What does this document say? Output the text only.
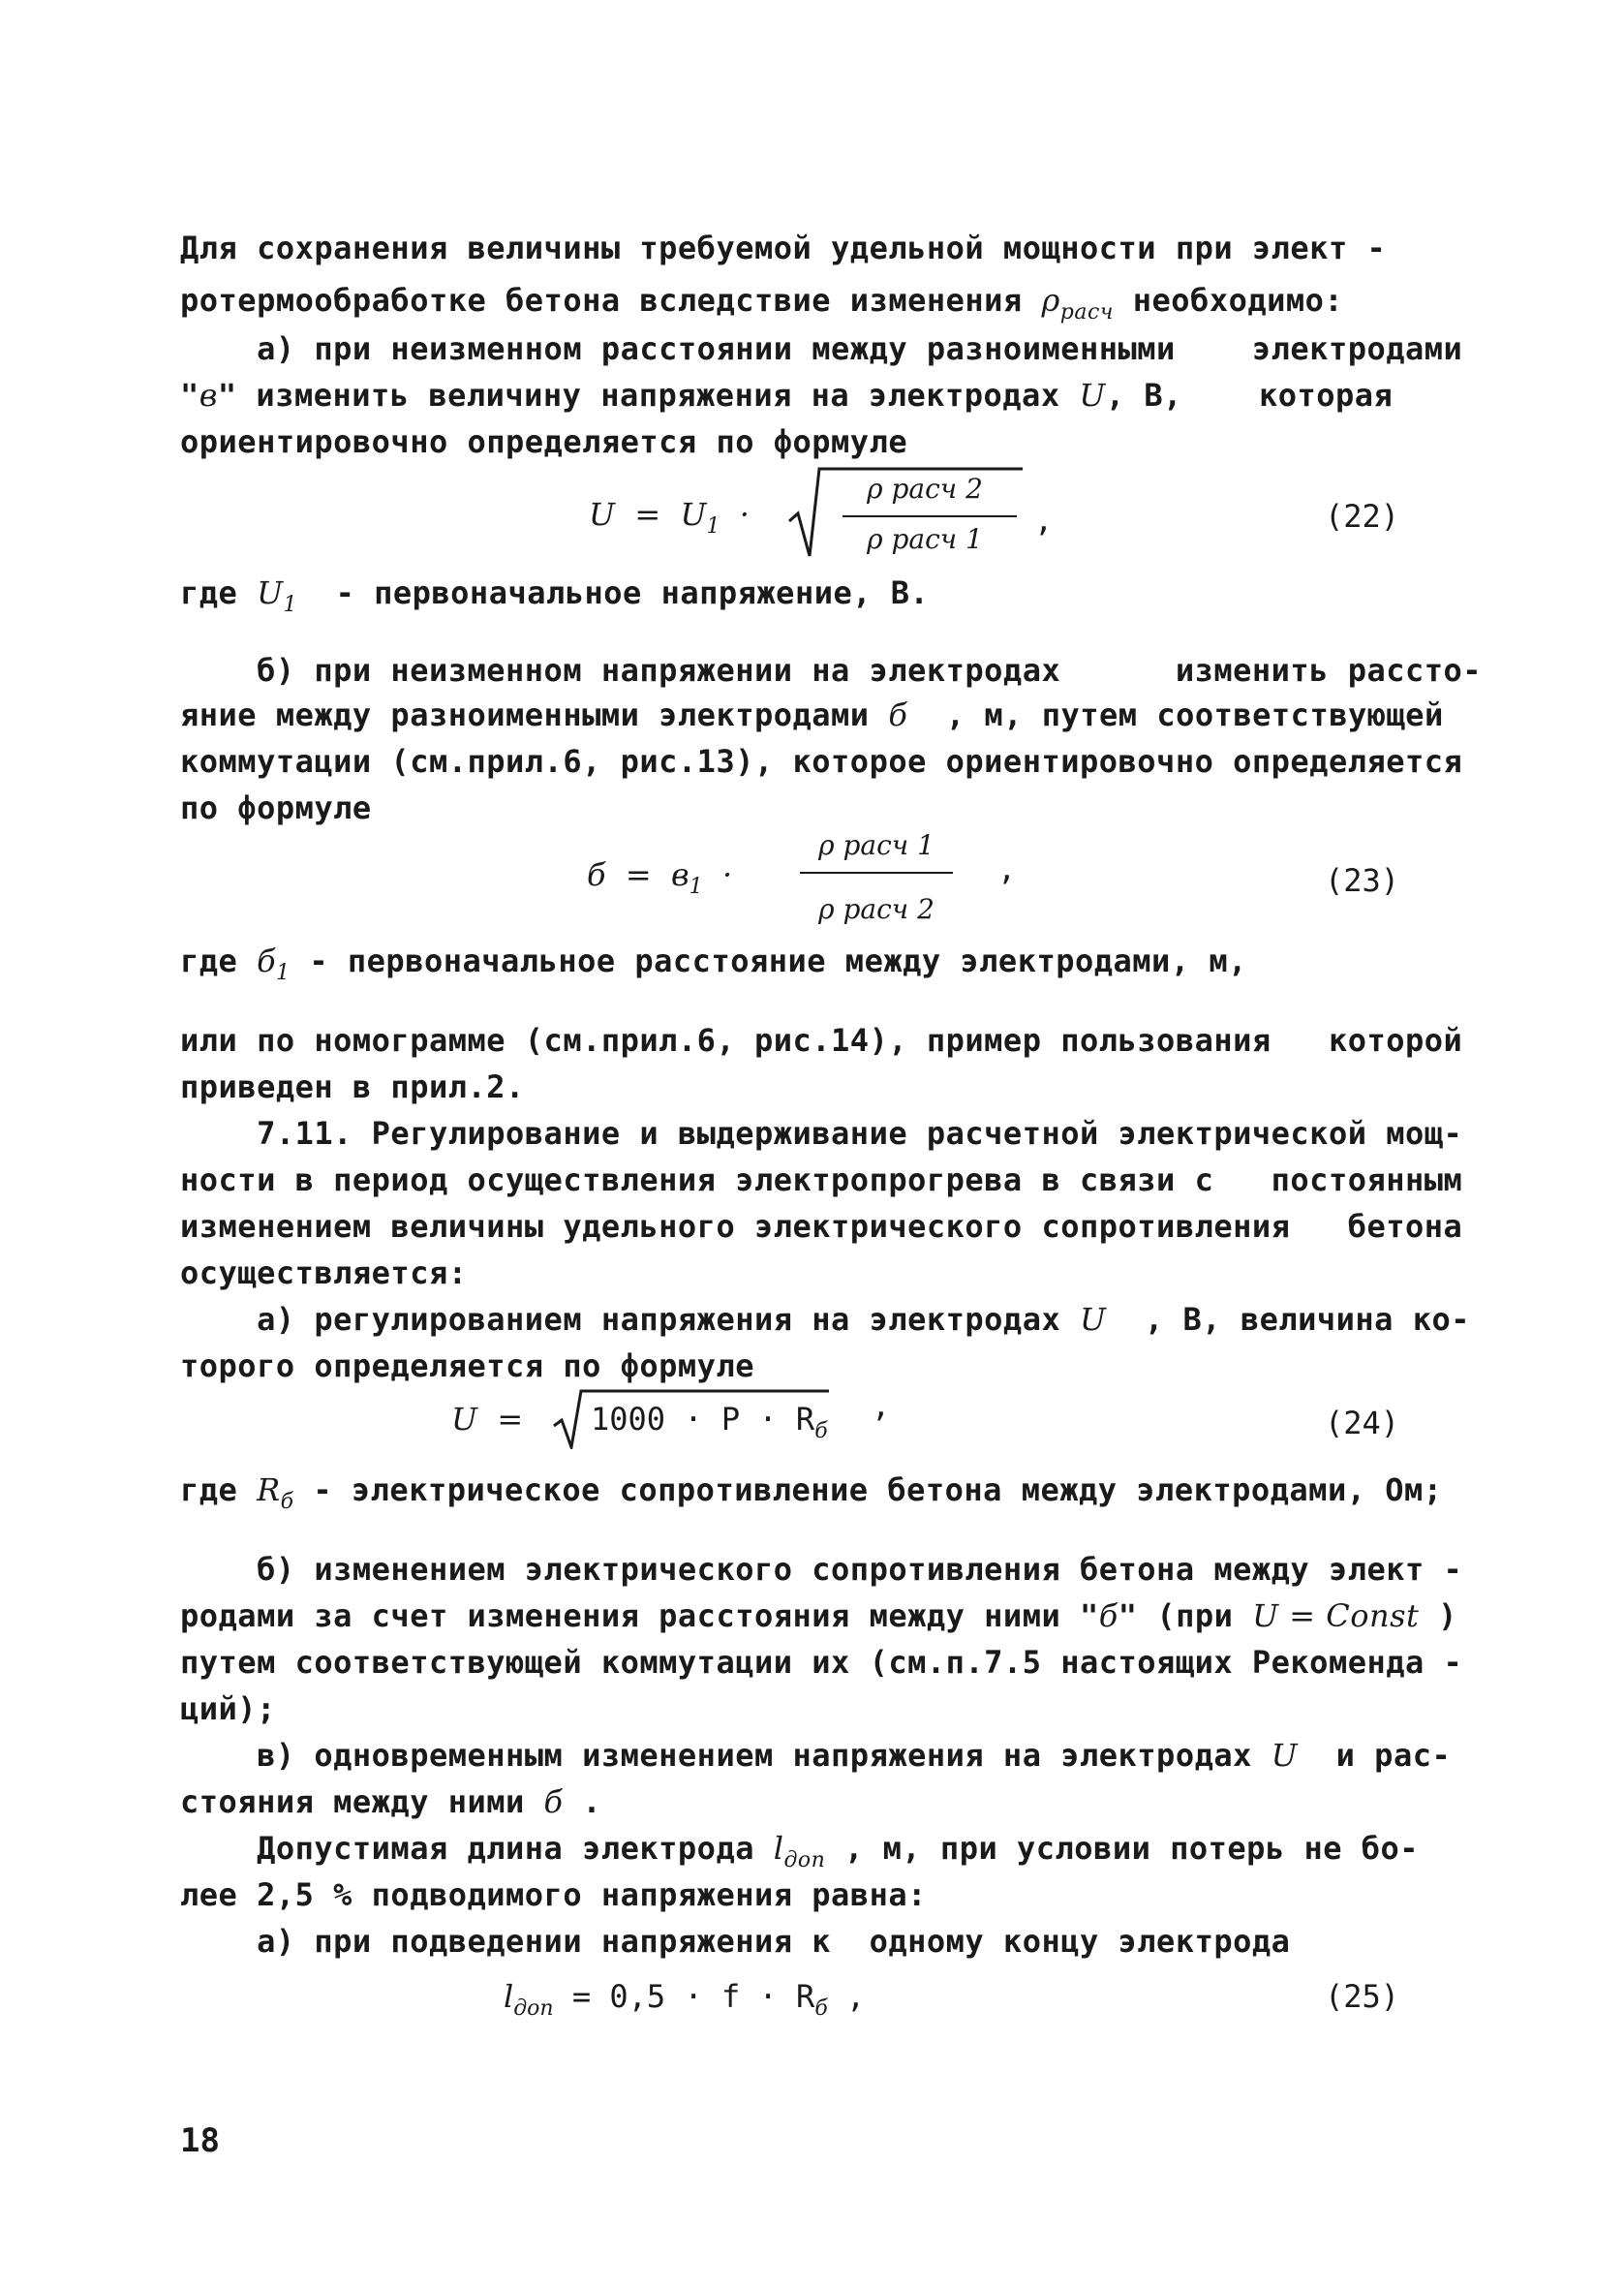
Для сохранения величины требуемой удельной мощности при элект -
ротермообработке бетона вследствие изменения $\rho_{расч}$ необходимо:
а) при неизменном расстоянии между разноименными    электродами
"в" изменить величину напряжения на электродах U, В,    которая
ориентировочно определяется по формуле
$U = U_1$ ·
ρ расч 2
ρ расч 1
,	(22)
где $U_1$  - первоначальное напряжение, В.
б) при неизменном напряжении на электродах      изменить рассто-
яние между разноименными электродами б  , м, путем соответствующей
коммутации (см.прил.6, рис.13), которое ориентировочно определяется
по формуле
$б = в_1$ ·
ρ расч 1
ρ расч 2
,	(23)
где $б_1$ - первоначальное расстояние между электродами, м,
или по номограмме (см.прил.6, рис.14), пример пользования   которой
приведен в прил.2.
7.11. Регулирование и выдерживание расчетной электрической мощ-
ности в период осуществления электропрогрева в связи с   постоянным
изменением величины удельного электрического сопротивления   бетона
осуществляется:
а) регулированием напряжения на электродах U  , В, величина ко-
торого определяется по формуле
$U = 1000 \cdot P \cdot R_б$
,	(24)
где $R_б$ - электрическое сопротивление бетона между электродами, Ом;
б) изменением электрического сопротивления бетона между элект -
родами за счет изменения расстояния между ними "б" (при U = Const )
путем соответствующей коммутации их (см.п.7.5 настоящих Рекоменда -
ций);
в) одновременным изменением напряжения на электродах U  и рас-
стояния между ними б .
Допустимая длина электрода $l_{доп}$ , м, при условии потерь не бо-
лее 2,5 % подводимого напряжения равна:
а) при подведении напряжения к  одному концу электрода
$l_{доп} = 0,5 \cdot f \cdot R_б$ ,	(25)
18
